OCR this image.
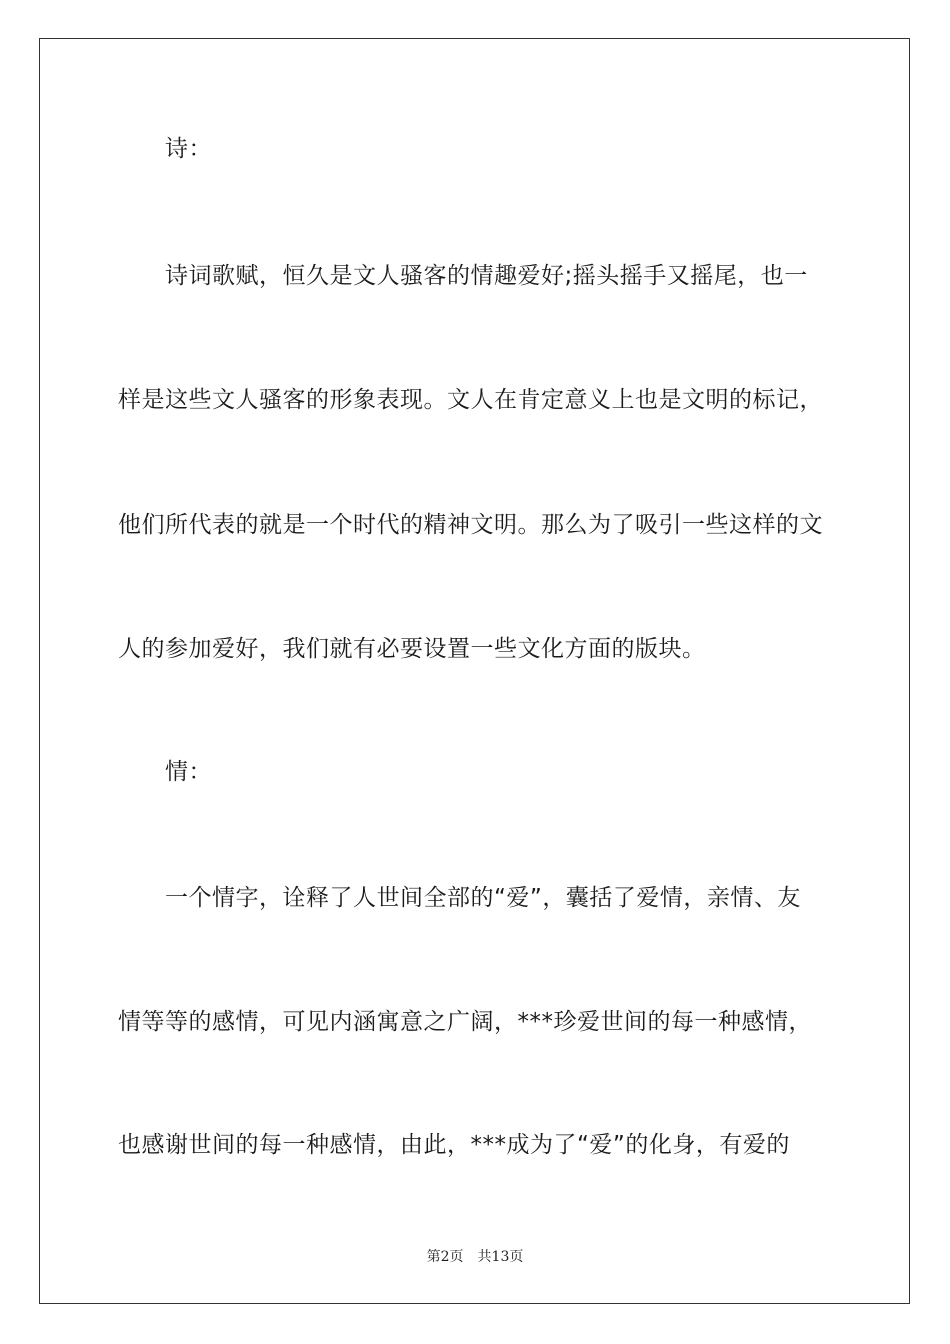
诗：
诗词歌赋，恒久是文人骚客的情趣爱好;摇头摇手又摇尾，也一
样是这些文人骚客的形象表现。文人在肯定意义上也是文明的标记，
他们所代表的就是一个时代的精神文明。那么为了吸引一些这样的文
人的参加爱好，我们就有必要设置一些文化方面的版块。
情：
一个情字，诠释了人世间全部的“爱”，囊括了爱情，亲情、友
情等等的感情，可见内涵寓意之广阔，***珍爱世间的每一种感情，
也感谢世间的每一种感情，由此，***成为了“爱”的化身，有爱的
第2页 共13页
